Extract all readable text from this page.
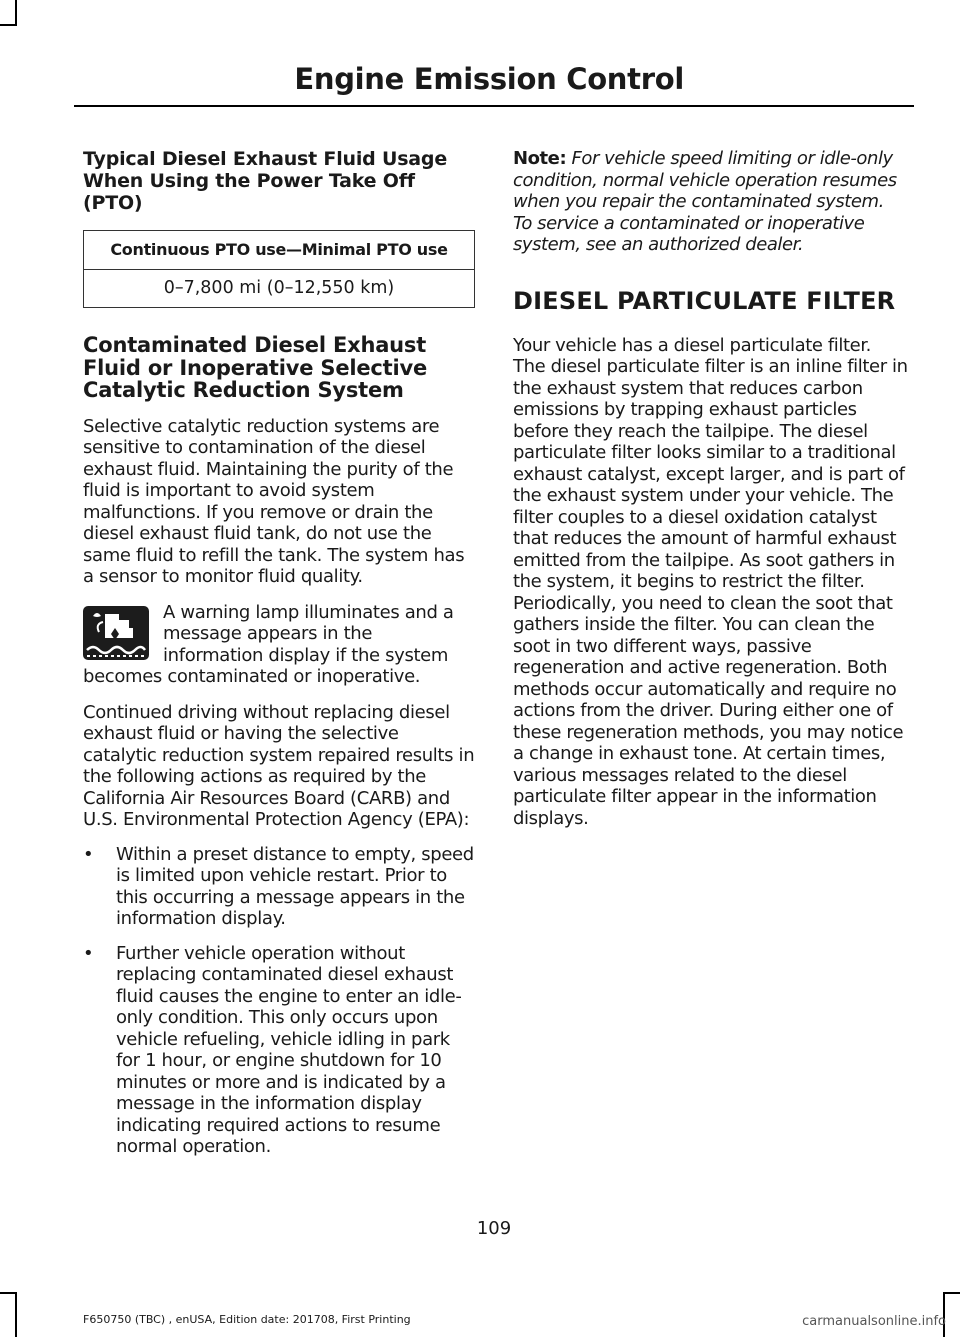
Engine Emission Control
Typical Diesel Exhaust Fluid Usage When Using the Power Take Off (PTO)
Continuous PTO use—Minimal PTO use
0–7,800 mi (0–12,550 km)
Contaminated Diesel Exhaust Fluid or Inoperative Selective Catalytic Reduction System

Selective catalytic reduction systems are sensitive to contamination of the diesel exhaust fluid. Maintaining the purity of the fluid is important to avoid system malfunctions. If you remove or drain the diesel exhaust fluid tank, do not use the same fluid to refill the tank. The system has a sensor to monitor fluid quality.

A warning lamp illuminates and a message appears in the information display if the system becomes contaminated or inoperative.

Continued driving without replacing diesel exhaust fluid or having the selective catalytic reduction system repaired results in the following actions as required by the California Air Resources Board (CARB) and U.S. Environmental Protection Agency (EPA):

• Within a preset distance to empty, speed is limited upon vehicle restart. Prior to this occurring a message appears in the information display.
• Further vehicle operation without replacing contaminated diesel exhaust fluid causes the engine to enter an idle-only condition. This only occurs upon vehicle refueling, vehicle idling in park for 1 hour, or engine shutdown for 10 minutes or more and is indicated by a message in the information display indicating required actions to resume normal operation.

Note: For vehicle speed limiting or idle-only condition, normal vehicle operation resumes when you repair the contaminated system. To service a contaminated or inoperative system, see an authorized dealer.

DIESEL PARTICULATE FILTER

Your vehicle has a diesel particulate filter. The diesel particulate filter is an inline filter in the exhaust system that reduces carbon emissions by trapping exhaust particles before they reach the tailpipe. The diesel particulate filter looks similar to a traditional exhaust catalyst, except larger, and is part of the exhaust system under your vehicle. The filter couples to a diesel oxidation catalyst that reduces the amount of harmful exhaust emitted from the tailpipe. As soot gathers in the system, it begins to restrict the filter. Periodically, you need to clean the soot that gathers inside the filter. You can clean the soot in two different ways, passive regeneration and active regeneration. Both methods occur automatically and require no actions from the driver. During either one of these regeneration methods, you may notice a change in exhaust tone. At certain times, various messages related to the diesel particulate filter appear in the information displays.

109
F650750 (TBC) , enUSA, Edition date: 201708, First Printing	carmanualsonline.info
